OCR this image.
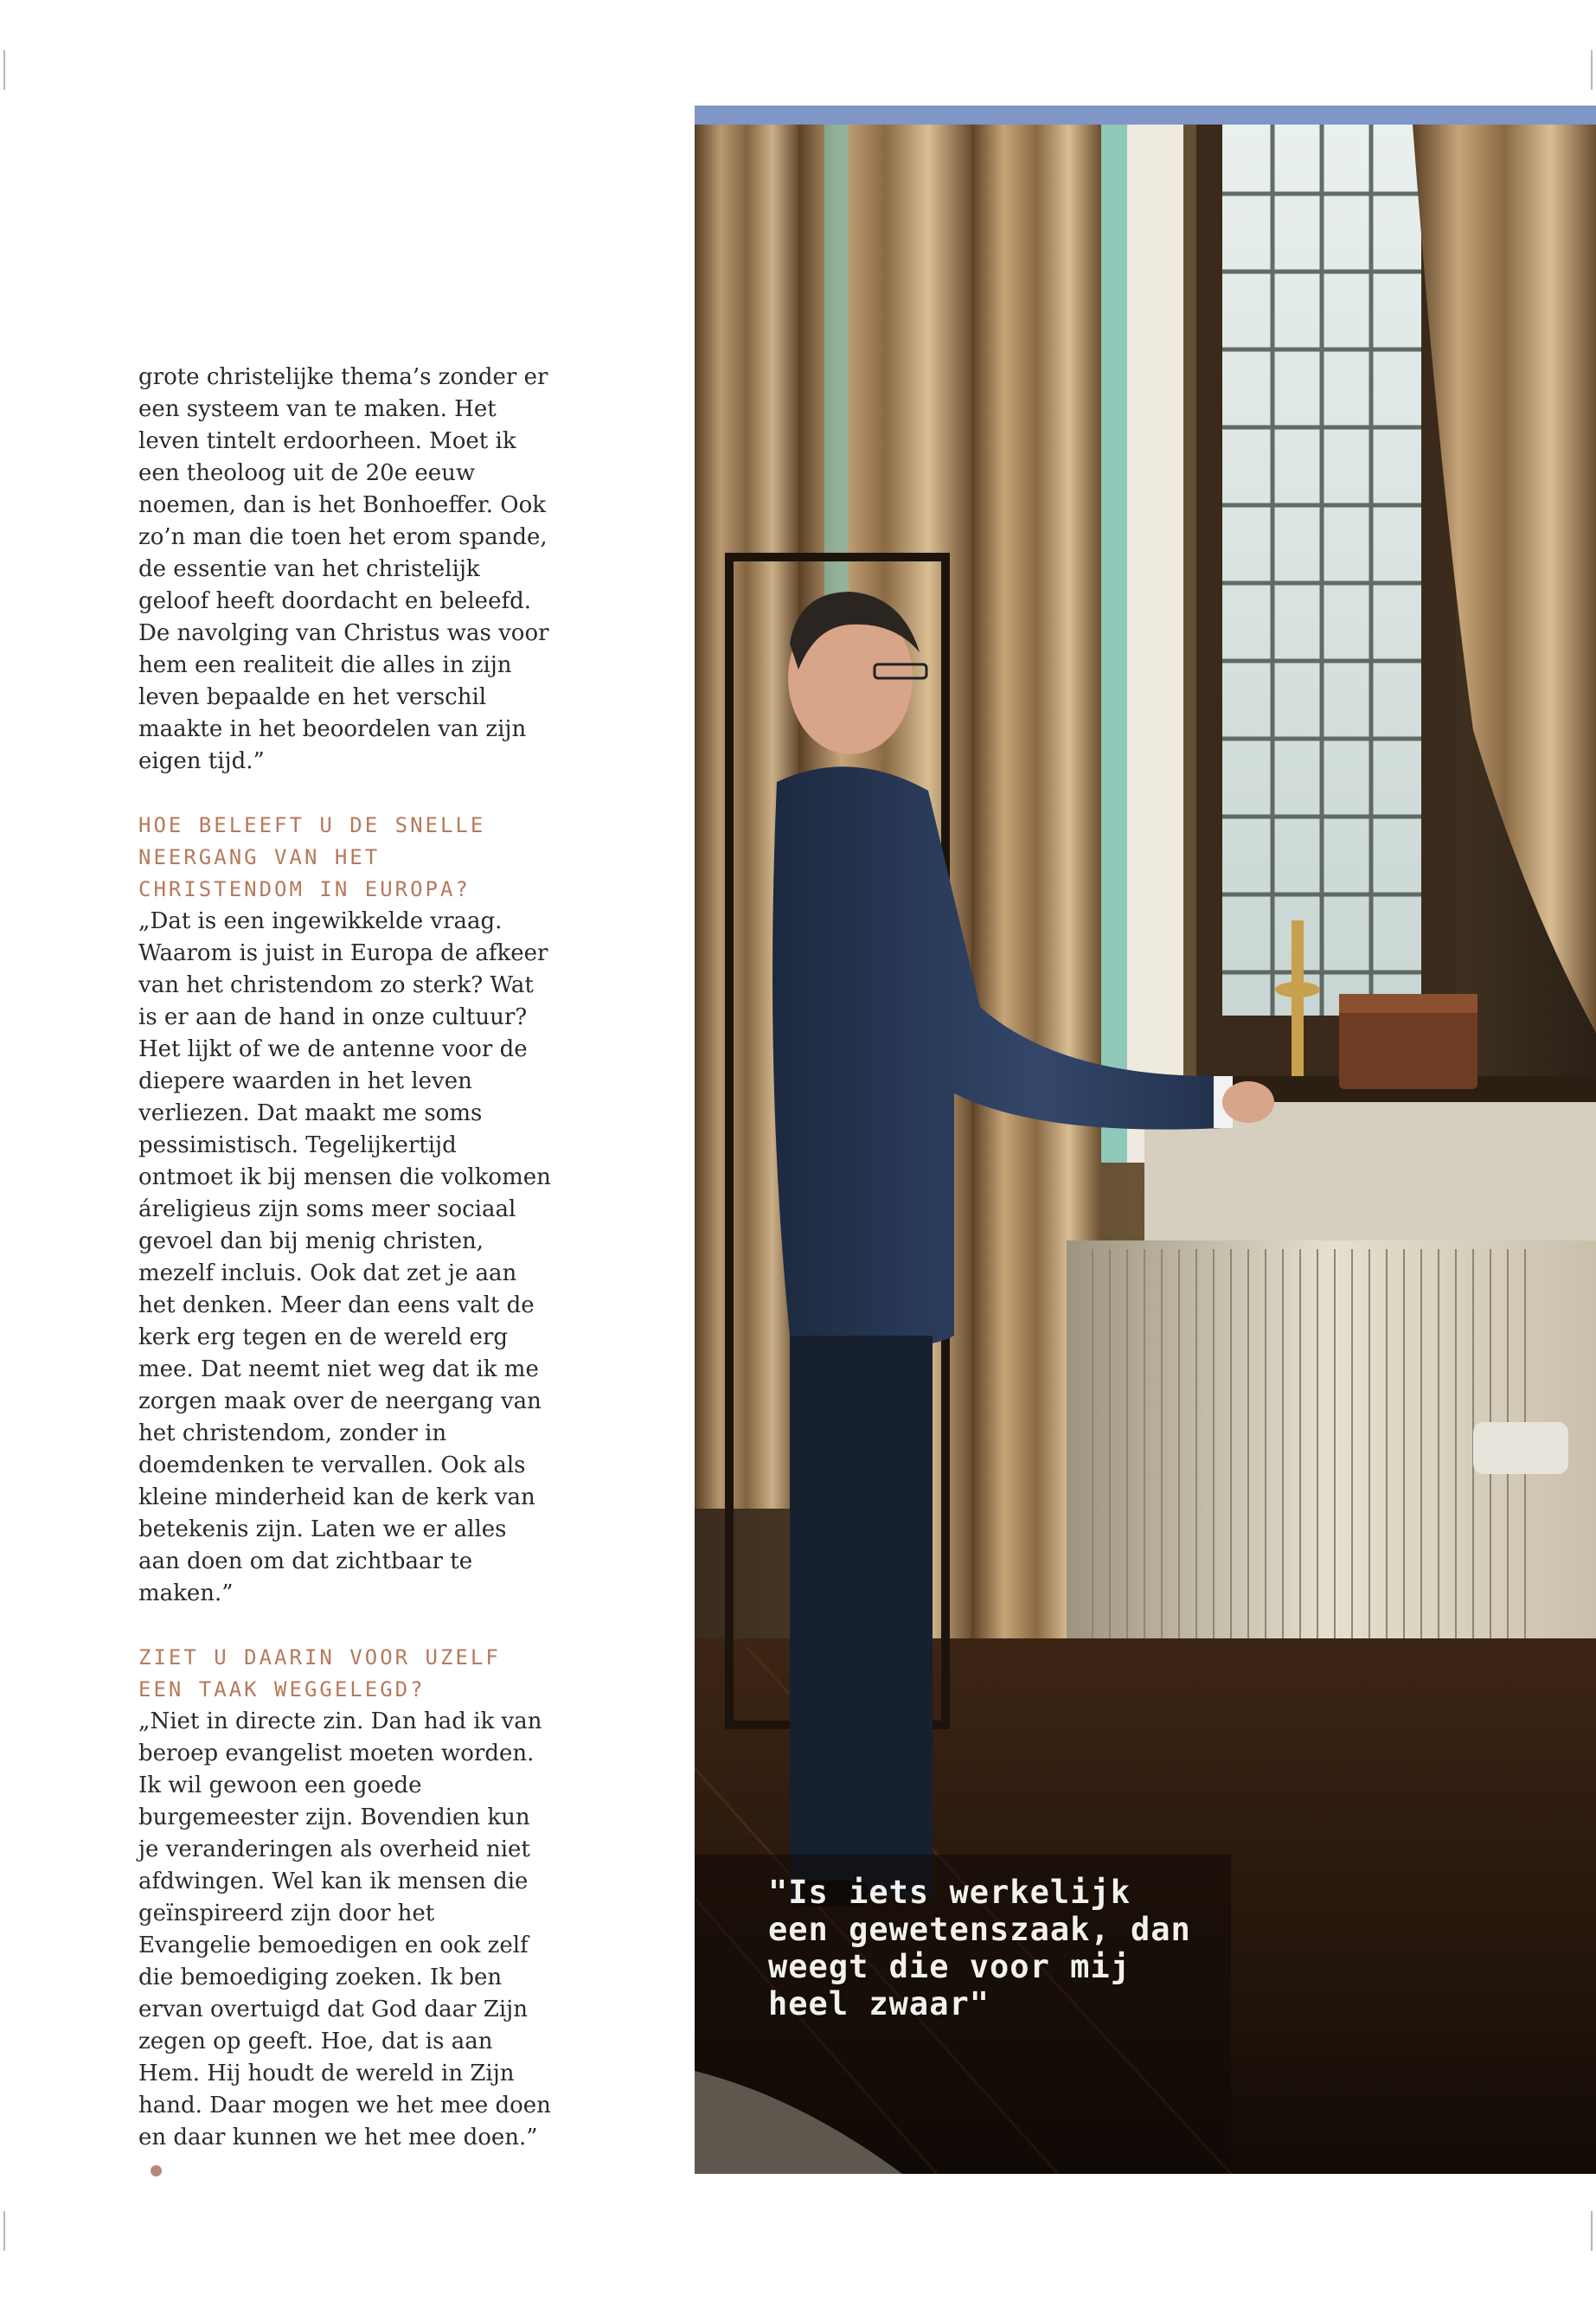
grote christelijke thema’s zonder er een systeem van te maken. Het leven tintelt erdoorheen. Moet ik een theoloog uit de 20e eeuw noemen, dan is het Bonhoeffer. Ook zo’n man die toen het erom spande, de essentie van het christelijk geloof heeft doordacht en beleefd. De navolging van Christus was voor hem een realiteit die alles in zijn leven bepaalde en het verschil maakte in het beoordelen van zijn eigen tijd.”

HOE BELEEFT U DE SNELLE NEERGANG VAN HET CHRISTENDOM IN EUROPA?

„Dat is een ingewikkelde vraag. Waarom is juist in Europa de afkeer van het christendom zo sterk? Wat is er aan de hand in onze cultuur? Het lijkt of we de antenne voor de diepere waarden in het leven verliezen. Dat maakt me soms pessimistisch. Tegelijkertijd ontmoet ik bij mensen die volkomen áreligieus zijn soms meer sociaal gevoel dan bij menig christen, mezelf incluis. Ook dat zet je aan het denken. Meer dan eens valt de kerk erg tegen en de wereld erg mee. Dat neemt niet weg dat ik me zorgen maak over de neergang van het christendom, zonder in doemdenken te vervallen. Ook als kleine minderheid kan de kerk van betekenis zijn. Laten we er alles aan doen om dat zichtbaar te maken.”

ZIET U DAARIN VOOR UZELF EEN TAAK WEGGELEGD?

„Niet in directe zin. Dan had ik van beroep evangelist moeten worden. Ik wil gewoon een goede burgemeester zijn. Bovendien kun je veranderingen als overheid niet afdwingen. Wel kan ik mensen die geïnspireerd zijn door het Evangelie bemoedigen en ook zelf die bemoediging zoeken. Ik ben ervan overtuigd dat God daar Zijn zegen op geeft. Hoe, dat is aan Hem. Hij houdt de wereld in Zijn hand. Daar mogen we het mee doen en daar kunnen we het mee doen.”

"Is iets werkelijk
een gewetenszaak, dan
weegt die voor mij
heel zwaar"
